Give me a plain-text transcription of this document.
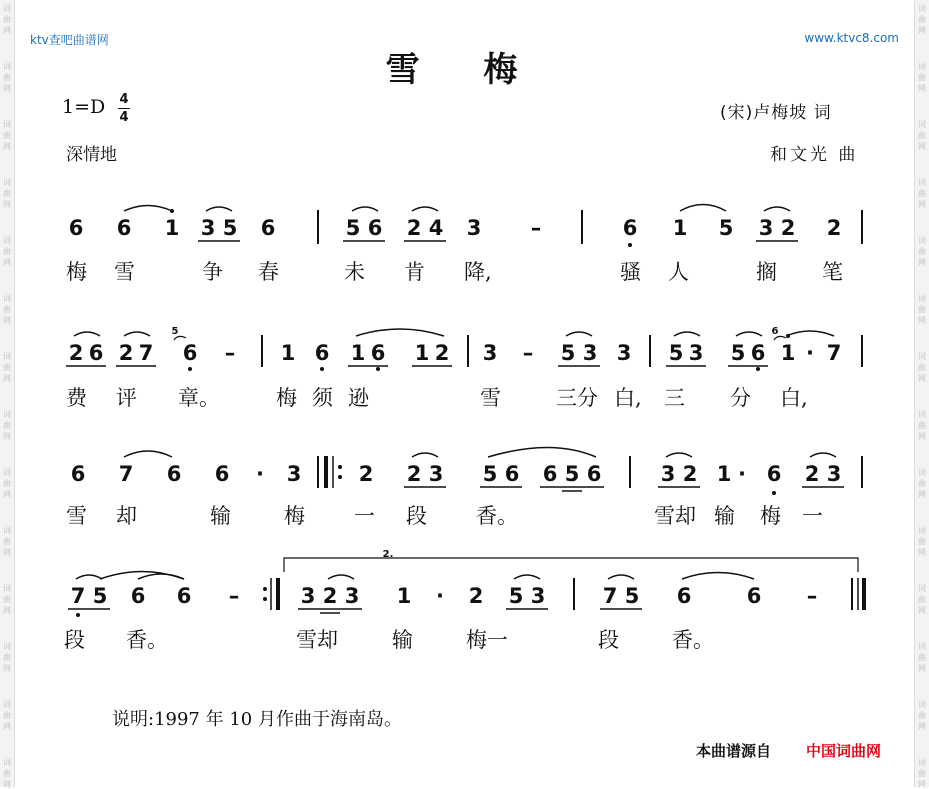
词
曲
网
词
曲
网
词
曲
网
词
曲
网
词
曲
网
词
曲
网
词
曲
网
词
曲
网
词
曲
网
词
曲
网
词
曲
网
词
曲
网
词
曲
网
词
曲
网
词
曲
网
词
曲
网
词
曲
网
词
曲
网
词
曲
网
词
曲
网
词
曲
网
词
曲
网
词
曲
网
词
曲
网
词
曲
网
词
曲
网
词
曲
网
词
曲
网
ktv查吧曲谱网	www.ktvc8.com
雪 梅
1=D 4
4
深情地
(宋)卢梅坡 词
和文光 曲
6 6 1 3 5 6	5 6 2 4 3 –	6 1 5 3 2 2
梅 雪	争 春	未 肯 降,	骚 人	搁 笔
2 6 2 7
5
6 – 1 6 1 6 1 2 3 – 5 3 3 5 3 5 6
6
1 · 7
费 评 章。	梅 须 逊	雪	三分 白, 三 分 白,
6 7 6 6 · 3	2 2 3 5 6 6 5 6	3 2 1 · 6 2 3
雪 却	输	梅 一 段 香。	雪却 输 梅 一
7 5 6 6 –	3 2 3 1 · 2 5 3	7 5 6	6 –
2.
段 香。	雪却	输	梅一	段	香。
说明:1997 年 10 月作曲于海南岛。
本曲谱源自 中国词曲网
